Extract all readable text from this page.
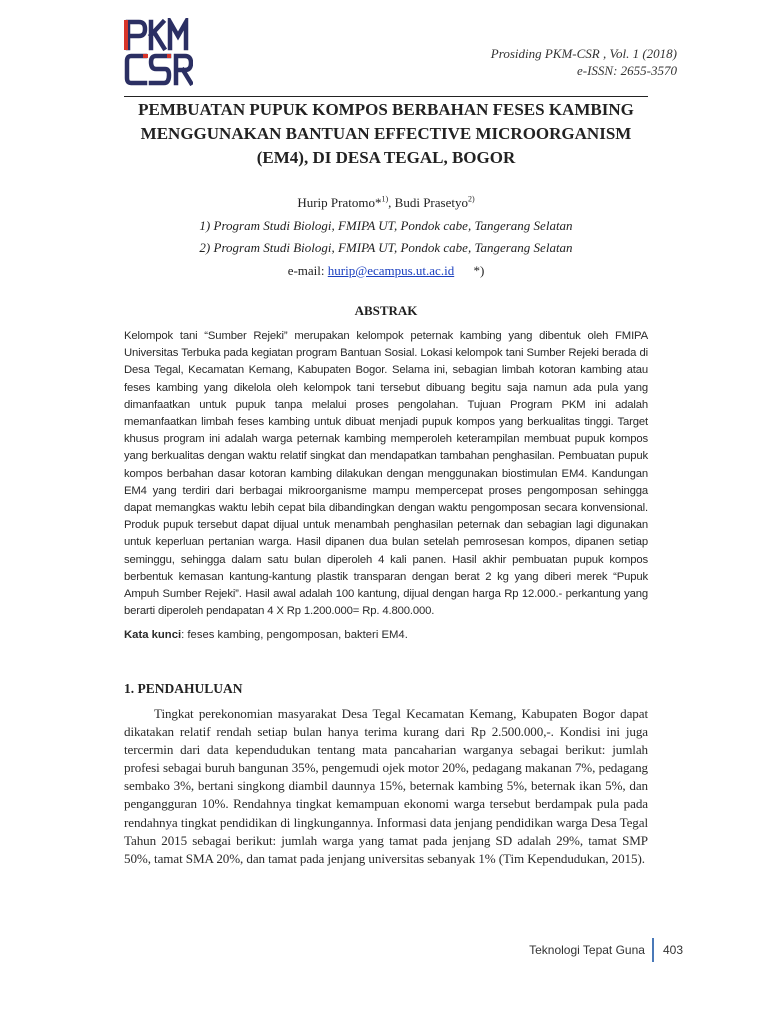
Prosiding PKM-CSR , Vol. 1 (2018)
e-ISSN: 2655-3570
PEMBUATAN PUPUK KOMPOS BERBAHAN FESES KAMBING
MENGGUNAKAN BANTUAN EFFECTIVE MICROORGANISM
(EM4), DI DESA TEGAL, BOGOR
Hurip Pratomo*$^{1)}$, Budi Prasetyo$^{2)}$
1) Program Studi Biologi, FMIPA UT, Pondok cabe, Tangerang Selatan
2) Program Studi Biologi, FMIPA UT, Pondok cabe, Tangerang Selatan
e-mail: hurip@ecampus.ut.ac.id *)
ABSTRAK
Kelompok tani “Sumber Rejeki” merupakan kelompok peternak kambing yang dibentuk oleh FMIPA Universitas Terbuka pada kegiatan program Bantuan Sosial. Lokasi kelompok tani Sumber Rejeki berada di Desa Tegal, Kecamatan Kemang, Kabupaten Bogor. Selama ini, sebagian limbah kotoran kambing atau feses kambing yang dikelola oleh kelompok tani tersebut dibuang begitu saja namun ada pula yang dimanfaatkan untuk pupuk tanpa melalui proses pengolahan. Tujuan Program PKM ini adalah memanfaatkan limbah feses kambing untuk dibuat menjadi pupuk kompos yang berkualitas tinggi. Target khusus program ini adalah warga peternak kambing memperoleh keterampilan membuat pupuk kompos yang berkualitas dengan waktu relatif singkat dan mendapatkan tambahan penghasilan. Pembuatan pupuk kompos berbahan dasar kotoran kambing dilakukan dengan menggunakan biostimulan EM4. Kandungan EM4 yang terdiri dari berbagai mikroorganisme mampu mempercepat proses pengomposan sehingga dapat memangkas waktu lebih cepat bila dibandingkan dengan waktu pengomposan secara konvensional. Produk pupuk tersebut dapat dijual untuk menambah penghasilan peternak dan sebagian lagi digunakan untuk keperluan pertanian warga. Hasil dipanen dua bulan setelah pemrosesan kompos, dipanen setiap seminggu, sehingga dalam satu bulan diperoleh 4 kali panen. Hasil akhir pembuatan pupuk kompos berbentuk kemasan kantung-kantung plastik transparan dengan berat 2 kg yang diberi merek “Pupuk Ampuh Sumber Rejeki”. Hasil awal adalah 100 kantung, dijual dengan harga Rp 12.000.- perkantung yang berarti diperoleh pendapatan 4 X Rp 1.200.000= Rp. 4.800.000.
Kata kunci: feses kambing, pengomposan, bakteri EM4.
1. PENDAHULUAN
Tingkat perekonomian masyarakat Desa Tegal Kecamatan Kemang, Kabupaten Bogor dapat dikatakan relatif rendah setiap bulan hanya terima kurang dari Rp 2.500.000,-. Kondisi ini juga tercermin dari data kependudukan tentang mata pancaharian warganya sebagai berikut: jumlah profesi sebagai buruh bangunan 35%, pengemudi ojek motor 20%, pedagang makanan 7%, pedagang sembako 3%, bertani singkong diambil daunnya 15%, beternak kambing 5%, beternak ikan 5%, dan pengangguran 10%. Rendahnya tingkat kemampuan ekonomi warga tersebut berdampak pula pada rendahnya tingkat pendidikan di lingkungannya. Informasi data jenjang pendidikan warga Desa Tegal Tahun 2015 sebagai berikut: jumlah warga yang tamat pada jenjang SD adalah 29%, tamat SMP 50%, tamat SMA 20%, dan tamat pada jenjang universitas sebanyak 1% (Tim Kependudukan, 2015).
Teknologi Tepat Guna 403
